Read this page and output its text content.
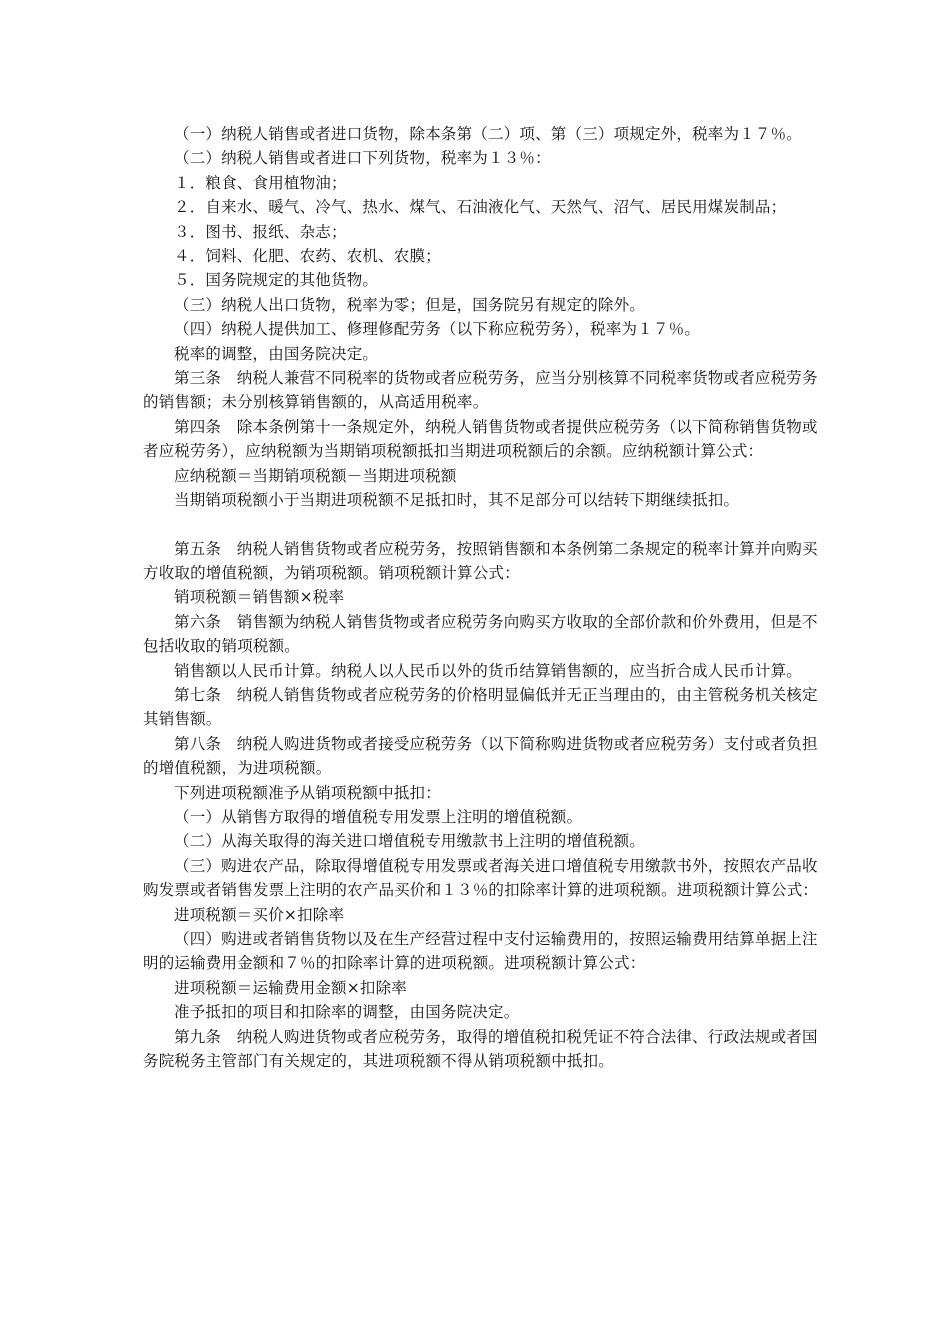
（一）纳税人销售或者进口货物，除本条第（二）项、第（三）项规定外，税率为１７％。

（二）纳税人销售或者进口下列货物，税率为１３％：

１．粮食、食用植物油；

２．自来水、暖气、冷气、热水、煤气、石油液化气、天然气、沼气、居民用煤炭制品；

３．图书、报纸、杂志；

４．饲料、化肥、农药、农机、农膜；

５．国务院规定的其他货物。

（三）纳税人出口货物，税率为零；但是，国务院另有规定的除外。

（四）纳税人提供加工、修理修配劳务（以下称应税劳务），税率为１７％。

税率的调整，由国务院决定。

第三条　纳税人兼营不同税率的货物或者应税劳务，应当分别核算不同税率货物或者应税劳务的销售额；未分别核算销售额的，从高适用税率。

第四条　除本条例第十一条规定外，纳税人销售货物或者提供应税劳务（以下简称销售货物或者应税劳务），应纳税额为当期销项税额抵扣当期进项税额后的余额。应纳税额计算公式：

应纳税额＝当期销项税额－当期进项税额

当期销项税额小于当期进项税额不足抵扣时，其不足部分可以结转下期继续抵扣。

第五条　纳税人销售货物或者应税劳务，按照销售额和本条例第二条规定的税率计算并向购买方收取的增值税额，为销项税额。销项税额计算公式：

销项税额＝销售额×税率

第六条　销售额为纳税人销售货物或者应税劳务向购买方收取的全部价款和价外费用，但是不包括收取的销项税额。

销售额以人民币计算。纳税人以人民币以外的货币结算销售额的，应当折合成人民币计算。

第七条　纳税人销售货物或者应税劳务的价格明显偏低并无正当理由的，由主管税务机关核定其销售额。

第八条　纳税人购进货物或者接受应税劳务（以下简称购进货物或者应税劳务）支付或者负担的增值税额，为进项税额。

下列进项税额准予从销项税额中抵扣：

（一）从销售方取得的增值税专用发票上注明的增值税额。

（二）从海关取得的海关进口增值税专用缴款书上注明的增值税额。

（三）购进农产品，除取得增值税专用发票或者海关进口增值税专用缴款书外，按照农产品收购发票或者销售发票上注明的农产品买价和１３％的扣除率计算的进项税额。进项税额计算公式：

进项税额＝买价×扣除率

（四）购进或者销售货物以及在生产经营过程中支付运输费用的，按照运输费用结算单据上注明的运输费用金额和７％的扣除率计算的进项税额。进项税额计算公式：

进项税额＝运输费用金额×扣除率

准予抵扣的项目和扣除率的调整，由国务院决定。

第九条　纳税人购进货物或者应税劳务，取得的增值税扣税凭证不符合法律、行政法规或者国务院税务主管部门有关规定的，其进项税额不得从销项税额中抵扣。
